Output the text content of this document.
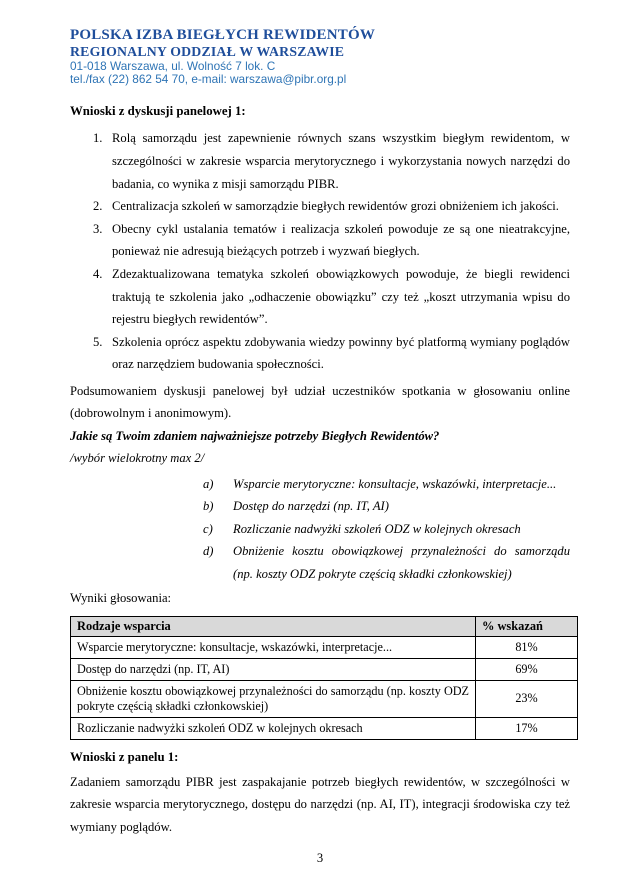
POLSKA IZBA BIEGŁYCH REWIDENTÓW
REGIONALNY ODDZIAŁ W WARSZAWIE
01-018 Warszawa, ul. Wolność 7 lok. C
tel./fax (22) 862 54 70, e-mail: warszawa@pibr.org.pl
Wnioski z dyskusji panelowej 1:
1. Rolą samorządu jest zapewnienie równych szans wszystkim biegłym rewidentom, w szczególności w zakresie wsparcia merytorycznego i wykorzystania nowych narzędzi do badania, co wynika z misji samorządu PIBR.
2. Centralizacja szkoleń w samorządzie biegłych rewidentów grozi obniżeniem ich jakości.
3. Obecny cykl ustalania tematów i realizacja szkoleń powoduje ze są one nieatrakcyjne, ponieważ nie adresują bieżących potrzeb i wyzwań biegłych.
4. Zdezaktualizowana tematyka szkoleń obowiązkowych powoduje, że biegli rewidenci traktują te szkolenia jako „odhaczenie obowiązku” czy też „koszt utrzymania wpisu do rejestru biegłych rewidentów”.
5. Szkolenia oprócz aspektu zdobywania wiedzy powinny być platformą wymiany poglądów oraz narzędziem budowania społeczności.

Podsumowaniem dyskusji panelowej był udział uczestników spotkania w głosowaniu online (dobrowolnym i anonimowym).

Jakie są Twoim zdaniem najważniejsze potrzeby Biegłych Rewidentów?

/wybór wielokrotny max 2/

a) Wsparcie merytoryczne: konsultacje, wskazówki, interpretacje...
b) Dostęp do narzędzi (np. IT, AI)
c) Rozliczanie nadwyżki szkoleń ODZ w kolejnych okresach
d) Obniżenie kosztu obowiązkowej przynależności do samorządu
(np. koszty ODZ pokryte częścią składki członkowskiej)

Wyniki głosowania:

Rodzaje wsparcia	% wskazań
Wsparcie merytoryczne: konsultacje, wskazówki, interpretacje...	81%
Dostęp do narzędzi (np. IT, AI)	69%
Obniżenie kosztu obowiązkowej przynależności do samorządu (np. koszty ODZ pokryte częścią składki członkowskiej)	23%
Rozliczanie nadwyżki szkoleń ODZ w kolejnych okresach	17%
Wnioski z panelu 1:

Zadaniem samorządu PIBR jest zaspakajanie potrzeb biegłych rewidentów, w szczególności w zakresie wsparcia merytorycznego, dostępu do narzędzi (np. AI, IT), integracji środowiska czy też wymiany poglądów.

3
